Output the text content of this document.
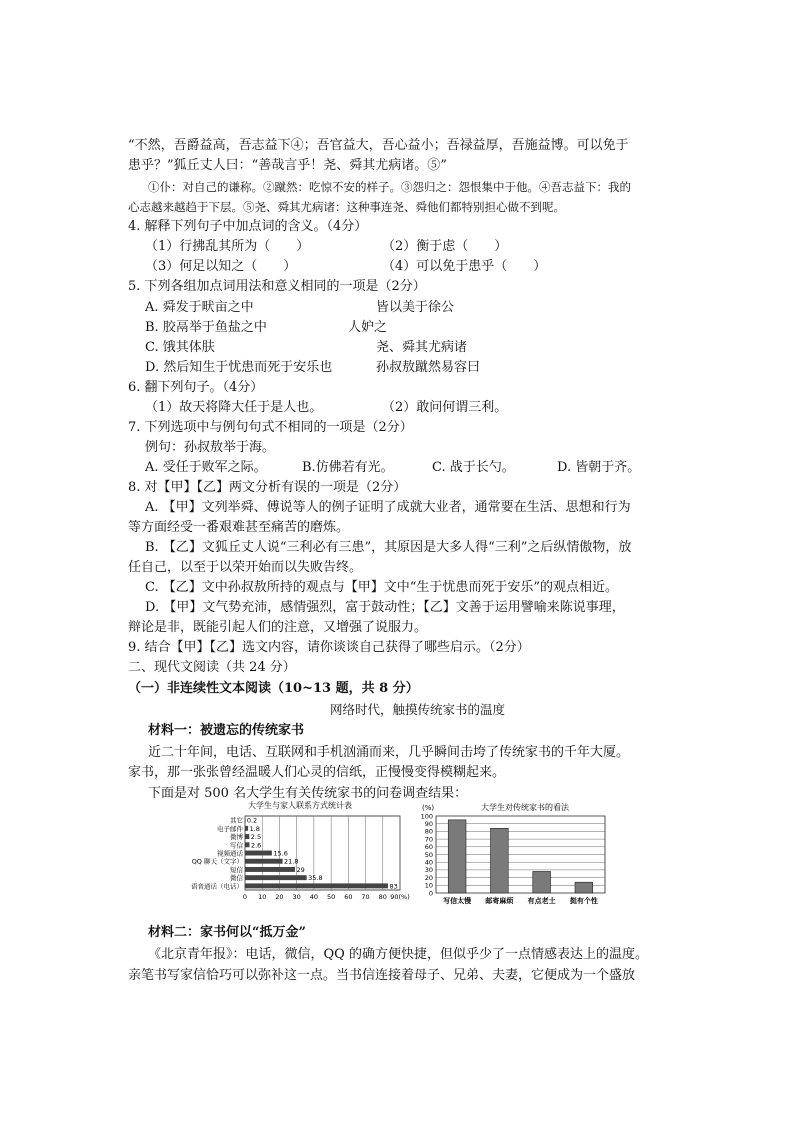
“不然，吾爵益高，吾志益下④；吾官益大，吾心益小；吾禄益厚，吾施益博。可以免于
患乎？”狐丘丈人曰：“善哉言乎！尧、舜其尤病诸。⑤”
①仆：对自己的谦称。②蹴然：吃惊不安的样子。③怨归之：怨恨集中于他。④吾志益下：我的
心志越来越趋于下层。⑤尧、舜其尤病诸：这种事连尧、舜他们都特别担心做不到呢。
4. 解释下列句子中加点词的含义。（4分）
（1）行拂乱其所为（　　）	（2）衡于虑（　　）
（3）何足以知之（　　）	（4）可以免于患乎（　　）
5. 下列各组加点词用法和意义相同的一项是（2分）
A. 舜发于畎亩之中	皆以美于徐公
B. 胶鬲举于鱼盐之中	人妒之
C. 饿其体肤	尧、舜其尤病诸
D. 然后知生于忧患而死于安乐也	孙叔敖蹴然易容曰
6. 翻下列句子。（4分）
（1）故天将降大任于是人也。	（2）敢问何谓三利。
7. 下列选项中与例句句式不相同的一项是（2分）
例句：孙叔敖举于海。
A. 受任于败军之际。	B.仿佛若有光。	C. 战于长勺。	D. 皆朝于齐。
8. 对【甲】【乙】两文分析有误的一项是（2分）
A. 【甲】文列举舜、傅说等人的例子证明了成就大业者，通常要在生活、思想和行为
等方面经受一番艰难甚至痛苦的磨炼。
B. 【乙】文狐丘丈人说“三利必有三患”，其原因是大多人得“三利”之后纵情傲物，放
任自己，以至于以荣开始而以失败告终。
C. 【乙】文中孙叔敖所持的观点与【甲】文中“生于忧患而死于安乐”的观点相近。
D. 【甲】文气势充沛，感情强烈，富于鼓动性；【乙】文善于运用譬喻来陈说事理，
辩论是非，既能引起人们的注意，又增强了说服力。
9. 结合【甲】【乙】选文内容，请你谈谈自己获得了哪些启示。（2分）
二、现代文阅读（共 24 分）
（一）非连续性文本阅读（10~13 题，共 8 分）
网络时代，触摸传统家书的温度
材料一：被遗忘的传统家书
近二十年间，电话、互联网和手机汹涌而来，几乎瞬间击垮了传统家书的千年大厦。
家书，那一张张曾经温暖人们心灵的信纸，正慢慢变得模糊起来。
下面是对 500 名大学生有关传统家书的问卷调查结果：
大学生与家人联系方式统计表
其它
电子邮件
微博
写信
视频通话
QQ 聊天（文字）
短信
微信
语音通话（电话）
0.2
1.8
2.5
2.6
15.6
21.8
29
35.8
83
0 10 20 30 40 50 60 70 80 90(%)
(%)	大学生对传统家书的看法
写信太慢 邮寄麻烦 有点老土 挺有个性
0
10
20
30
40
50
60
70
80
90
100
材料二：家书何以“抵万金”
《北京青年报》：电话，微信，QQ 的确方便快捷，但似乎少了一点情感表达上的温度。
亲笔书写家信恰巧可以弥补这一点。当书信连接着母子、兄弟、夫妻，它便成为一个盛放
